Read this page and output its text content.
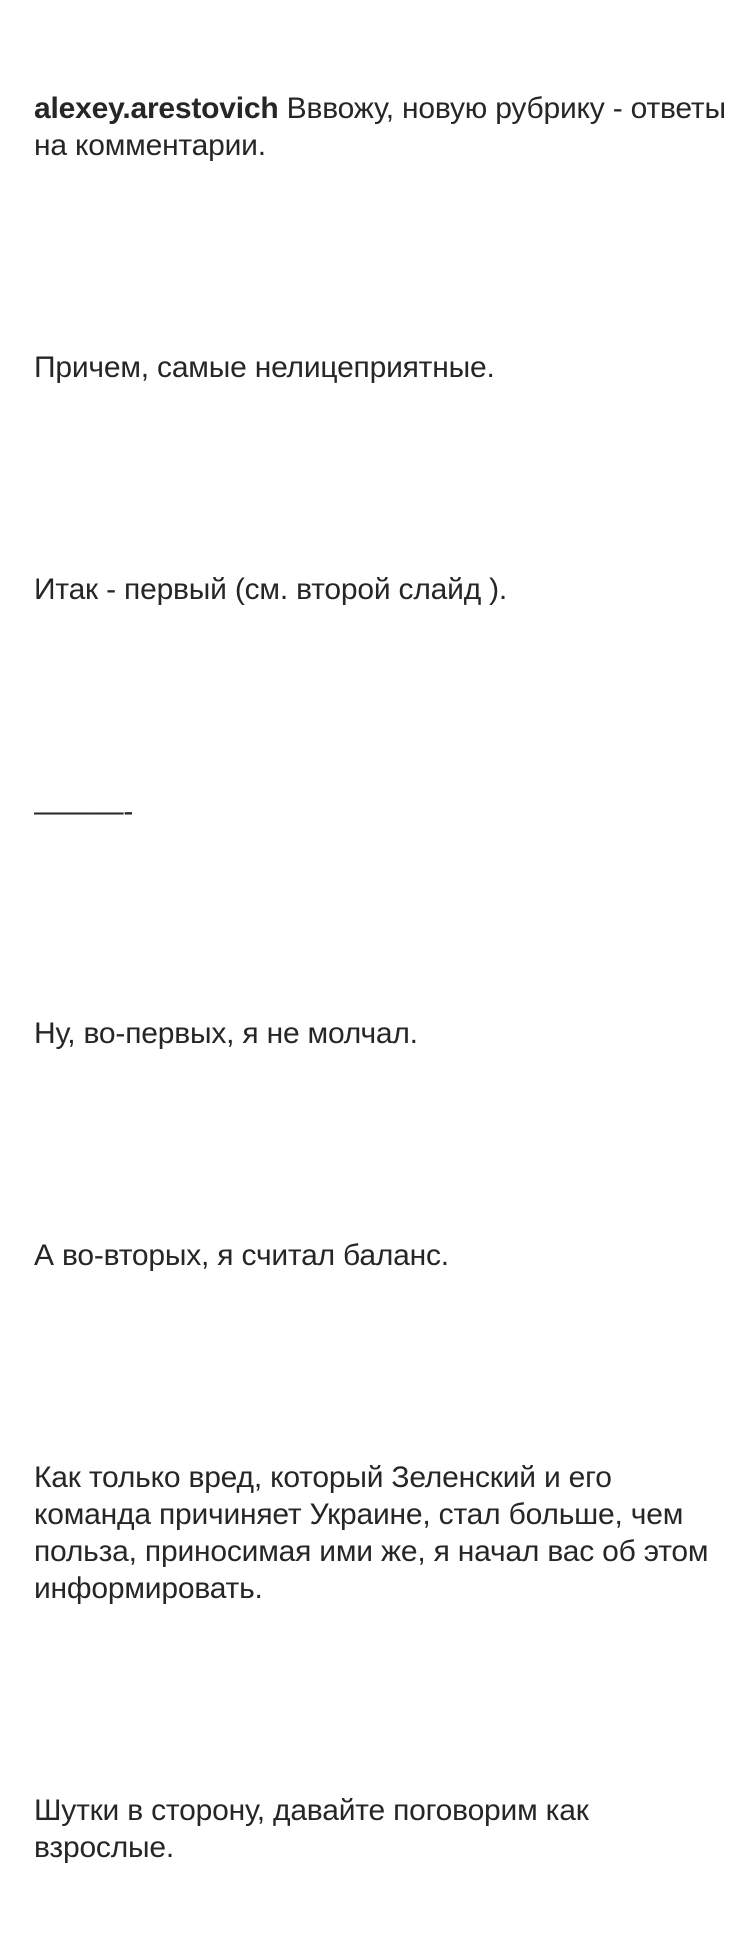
alexey.arestovich Вввожу, новую рубрику - ответы на комментарии.

Причем, самые нелицеприятные.

Итак - первый (см. второй слайд ).

———-

Ну, во-первых, я не молчал.

А во-вторых, я считал баланс.

Как только вред, который Зеленский и его команда причиняет Украине, стал больше, чем польза, приносимая ими же, я начал вас об этом информировать.

Шутки в сторону, давайте поговорим как взрослые.
